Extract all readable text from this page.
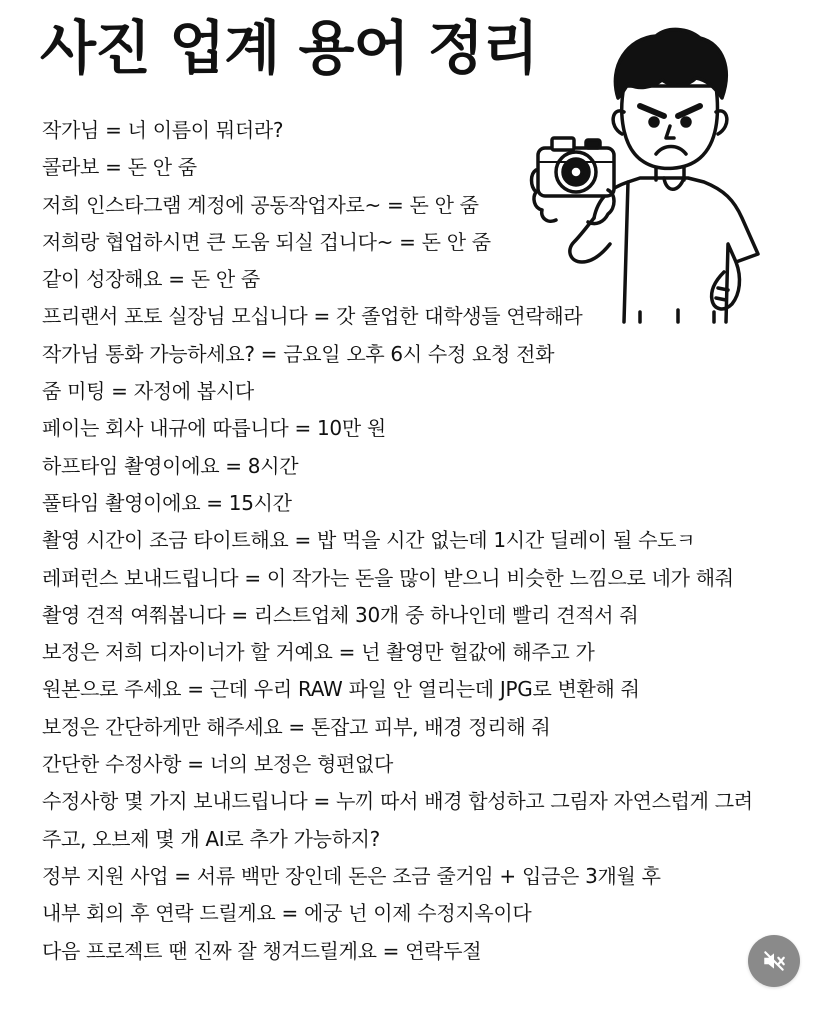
사진 업계 용어 정리
작가님 = 너 이름이 뭐더라?
콜라보 = 돈 안 줌
저희 인스타그램 계정에 공동작업자로~ = 돈 안 줌
저희랑 협업하시면 큰 도움 되실 겁니다~ = 돈 안 줌
같이 성장해요 = 돈 안 줌
프리랜서 포토 실장님 모십니다 = 갓 졸업한 대학생들 연락해라
작가님 통화 가능하세요? = 금요일 오후 6시 수정 요청 전화
줌 미팅 = 자정에 봅시다
페이는 회사 내규에 따릅니다 = 10만 원
하프타임 촬영이에요 = 8시간
풀타임 촬영이에요 = 15시간
촬영 시간이 조금 타이트해요 = 밥 먹을 시간 없는데 1시간 딜레이 될 수도ㅋ
레퍼런스 보내드립니다 = 이 작가는 돈을 많이 받으니 비슷한 느낌으로 네가 해줘
촬영 견적 여쭤봅니다 = 리스트업체 30개 중 하나인데 빨리 견적서 줘
보정은 저희 디자이너가 할 거예요 = 넌 촬영만 헐값에 해주고 가
원본으로 주세요 = 근데 우리 RAW 파일 안 열리는데 JPG로 변환해 줘
보정은 간단하게만 해주세요 = 톤잡고 피부, 배경 정리해 줘
간단한 수정사항 = 너의 보정은 형편없다
수정사항 몇 가지 보내드립니다 = 누끼 따서 배경 합성하고 그림자 자연스럽게 그려
주고, 오브제 몇 개 AI로 추가 가능하지?
정부 지원 사업 = 서류 백만 장인데 돈은 조금 줄거임 + 입금은 3개월 후
내부 회의 후 연락 드릴게요 = 에궁 넌 이제 수정지옥이다
다음 프로젝트 땐 진짜 잘 챙겨드릴게요 = 연락두절
